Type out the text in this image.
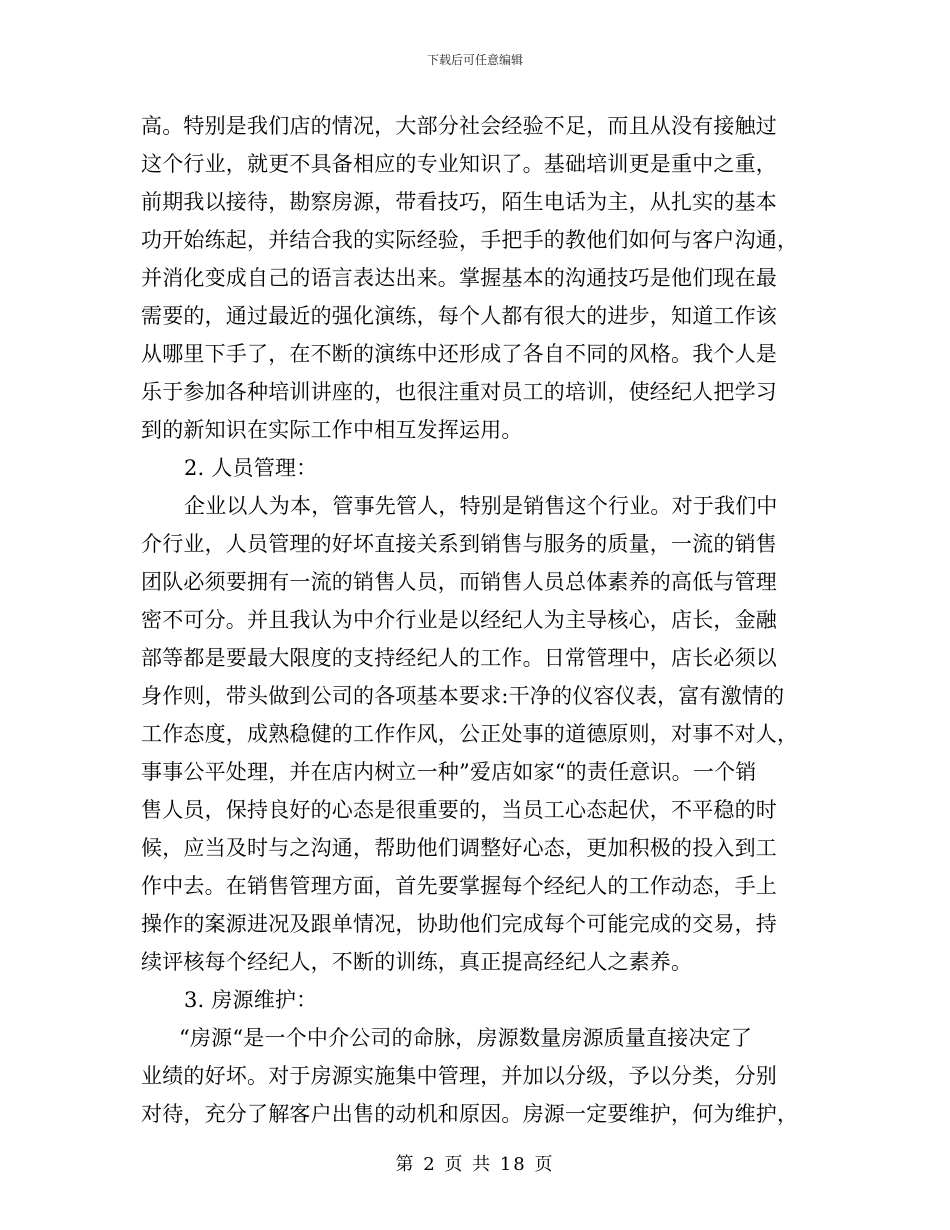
下载后可任意编辑
高。特别是我们店的情况，大部分社会经验不足，而且从没有接触过
这个行业，就更不具备相应的专业知识了。基础培训更是重中之重，
前期我以接待，勘察房源，带看技巧，陌生电话为主，从扎实的基本
功开始练起，并结合我的实际经验，手把手的教他们如何与客户沟通，
并消化变成自己的语言表达出来。掌握基本的沟通技巧是他们现在最
需要的，通过最近的强化演练，每个人都有很大的进步，知道工作该
从哪里下手了，在不断的演练中还形成了各自不同的风格。我个人是
乐于参加各种培训讲座的，也很注重对员工的培训，使经纪人把学习
到的新知识在实际工作中相互发挥运用。
2. 人员管理：
企业以人为本，管事先管人，特别是销售这个行业。对于我们中
介行业，人员管理的好坏直接关系到销售与服务的质量，一流的销售
团队必须要拥有一流的销售人员，而销售人员总体素养的高低与管理
密不可分。并且我认为中介行业是以经纪人为主导核心，店长，金融
部等都是要最大限度的支持经纪人的工作。日常管理中，店长必须以
身作则，带头做到公司的各项基本要求:干净的仪容仪表，富有激情的
工作态度，成熟稳健的工作作风，公正处事的道德原则，对事不对人，
事事公平处理，并在店内树立一种”爱店如家“的责任意识。一个销
售人员，保持良好的心态是很重要的，当员工心态起伏，不平稳的时
候，应当及时与之沟通，帮助他们调整好心态，更加积极的投入到工
作中去。在销售管理方面，首先要掌握每个经纪人的工作动态，手上
操作的案源进况及跟单情况，协助他们完成每个可能完成的交易，持
续评核每个经纪人，不断的训练，真正提高经纪人之素养。
3. 房源维护：
“房源“是一个中介公司的命脉，房源数量房源质量直接决定了
业绩的好坏。对于房源实施集中管理，并加以分级，予以分类，分别
对待，充分了解客户出售的动机和原因。房源一定要维护，何为维护，
第 2 页 共 18 页
